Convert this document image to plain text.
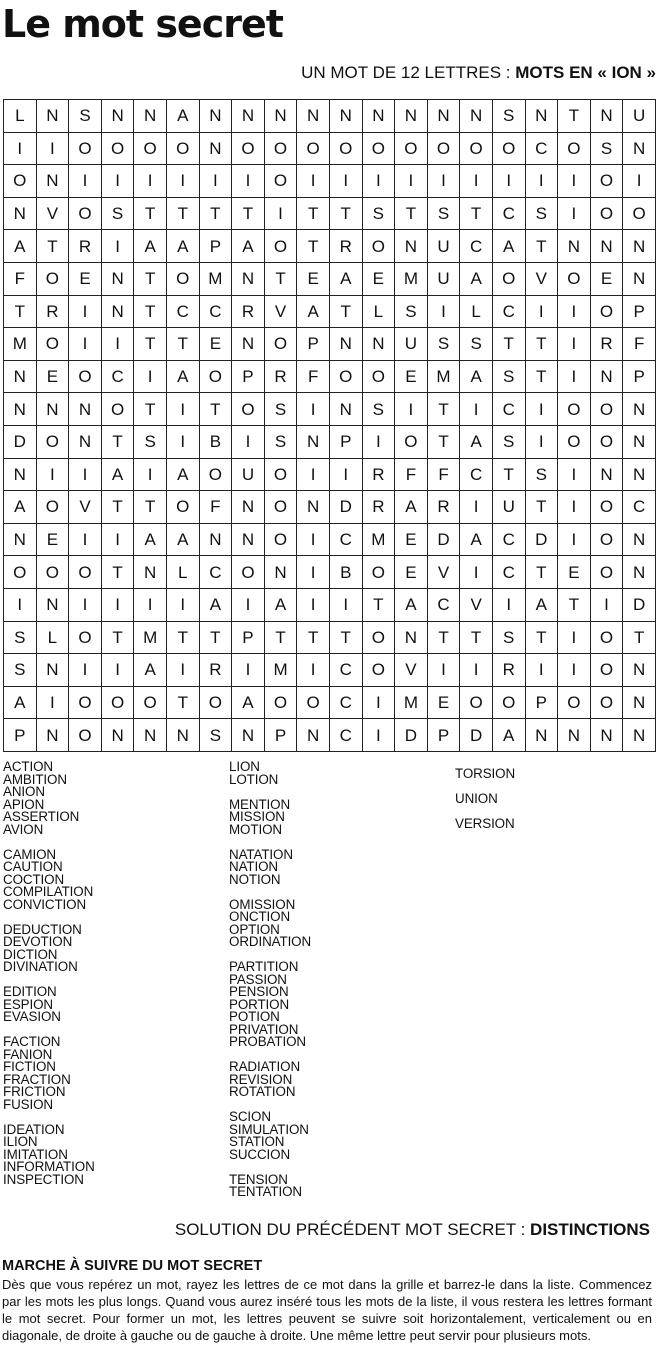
Le mot secret
UN MOT DE 12 LETTRES : MOTS EN « ION »
L	N	S	N	N	A	N	N	N	N	N	N	N	N	N	S	N	T	N	U
I	I	O	O	O	O	N	O	O	O	O	O	O	O	O	O	C	O	S	N
O	N	I	I	I	I	I	I	O	I	I	I	I	I	I	I	I	I	O	I
N	V	O	S	T	T	T	T	I	T	T	S	T	S	T	C	S	I	O	O
A	T	R	I	A	A	P	A	O	T	R	O	N	U	C	A	T	N	N	N
F	O	E	N	T	O	M	N	T	E	A	E	M	U	A	O	V	O	E	N
T	R	I	N	T	C	C	R	V	A	T	L	S	I	L	C	I	I	O	P
M	O	I	I	T	T	E	N	O	P	N	N	U	S	S	T	T	I	R	F
N	E	O	C	I	A	O	P	R	F	O	O	E	M	A	S	T	I	N	P
N	N	N	O	T	I	T	O	S	I	N	S	I	T	I	C	I	O	O	N
D	O	N	T	S	I	B	I	S	N	P	I	O	T	A	S	I	O	O	N
N	I	I	A	I	A	O	U	O	I	I	R	F	F	C	T	S	I	N	N
A	O	V	T	T	O	F	N	O	N	D	R	A	R	I	U	T	I	O	C
N	E	I	I	A	A	N	N	O	I	C	M	E	D	A	C	D	I	O	N
O	O	O	T	N	L	C	O	N	I	B	O	E	V	I	C	T	E	O	N
I	N	I	I	I	I	A	I	A	I	I	T	A	C	V	I	A	T	I	D
S	L	O	T	M	T	T	P	T	T	T	O	N	T	T	S	T	I	O	T
S	N	I	I	A	I	R	I	M	I	C	O	V	I	I	R	I	I	O	N
A	I	O	O	O	T	O	A	O	O	C	I	M	E	O	O	P	O	O	N
P	N	O	N	N	N	S	N	P	N	C	I	D	P	D	A	N	N	N	N
ACTION
AMBITION
ANION
APION
ASSERTION
AVION
CAMION
CAUTION
COCTION
COMPILATION
CONVICTION
DEDUCTION
DEVOTION
DICTION
DIVINATION
EDITION
ESPION
EVASION
FACTION
FANION
FICTION
FRACTION
FRICTION
FUSION
IDEATION
ILION
IMITATION
INFORMATION
INSPECTION
LION
LOTION
MENTION
MISSION
MOTION
NATATION
NATION
NOTION
OMISSION
ONCTION
OPTION
ORDINATION
PARTITION
PASSION
PENSION
PORTION
POTION
PRIVATION
PROBATION
RADIATION
REVISION
ROTATION
SCION
SIMULATION
STATION
SUCCION
TENSION
TENTATION
TORSION
UNION
VERSION
SOLUTION DU PRÉCÉDENT MOT SECRET : DISTINCTIONS
MARCHE À SUIVRE DU MOT SECRET
Dès que vous repérez un mot, rayez les lettres de ce mot dans la grille et barrez-le dans la liste. Commencez par les mots les plus longs. Quand vous aurez inséré tous les mots de la liste, il vous restera les lettres formant le mot secret. Pour former un mot, les lettres peuvent se suivre soit horizontalement, verticalement ou en diagonale, de droite à gauche ou de gauche à droite. Une même lettre peut servir pour plusieurs mots.
